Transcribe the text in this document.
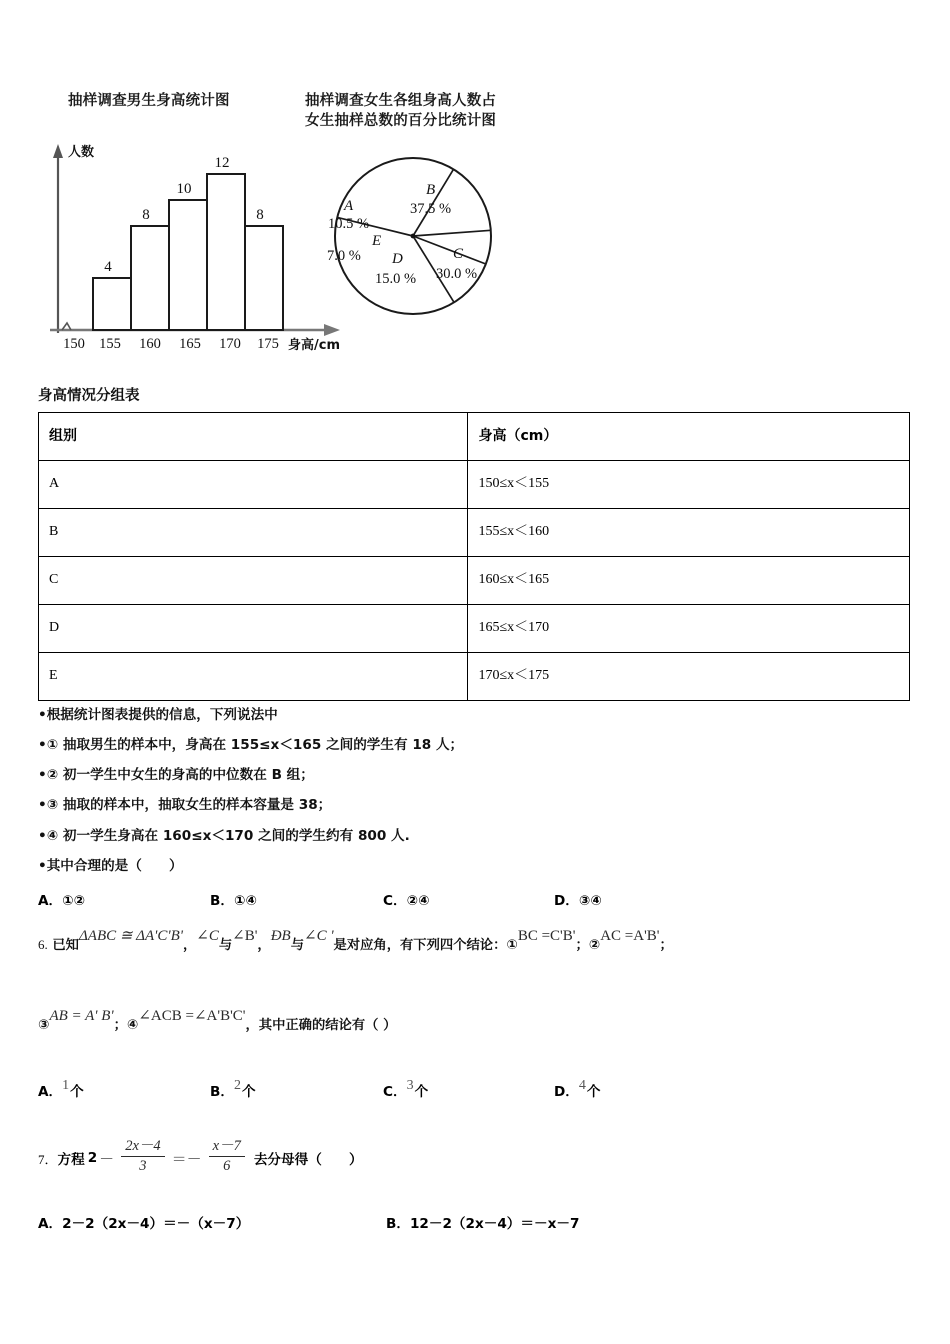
抽样调查男生身高统计图	抽样调查女生各组身高人数占
女生抽样总数的百分比统计图
4
8
10
12
8
150 155 160 165 170 175
人数
身高/cm
B
37.5 %
A
10.5 %
C
30.0 %
D
15.0 %
E
7.0 %
身高情况分组表
组别	身高（cm）
A	150≤x＜155
B	155≤x＜160
C	160≤x＜165
D	165≤x＜170
E	170≤x＜175

•根据统计图表提供的信息，下列说法中

•① 抽取男生的样本中，身高在 155≤x＜165 之间的学生有 18 人；

•② 初一学生中女生的身高的中位数在 B 组；

•③ 抽取的样本中，抽取女生的样本容量是 38；

•④ 初一学生身高在 160≤x＜170 之间的学生约有 800 人.

•其中合理的是（　　）

A．①②	B．①④	C．②④	D．③④
6. 已知ΔABC ≅ ΔA'C'B'，∠C与∠B'，ÐB与∠C '是对应角，有下列四个结论：①BC =C'B'；②AC =A'B'；
③AB = A' B'；④∠ACB =∠A'B'C'，其中正确的结论有（ ）
A．1个	B．2个	C．3个	D．4个
7． 方程 $2 - \frac{2x-4}{3} =- \frac{x-7}{6}$ 去分母得（　　）
A．2－2（2x－4）＝－（x－7）	B．12－2（2x－4）＝－x－7
